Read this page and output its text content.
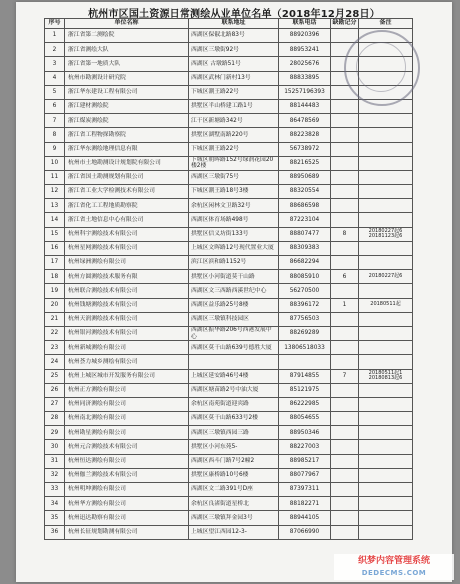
杭州市区国土资源日常测绘从业单位名单（2018年12月28日）
序号	单位名称	联系地址	联系电话	缺勘记分	备注
1	浙江省第二测绘院	西湖区保俶北路83号	88920396		
2	浙江省测绘大队	西湖区三墩街92号	88953241		
3	浙江省第一地质大队	西湖区 古墩路51号	28025676		
4	杭州市勘测设计研究院	西湖区武林门新村13号	88833895		
5	浙江华东建设工程有限公司	下城区潮王路22号	15257196393		
6	浙江建材测绘院	拱墅区半山桥建工路1号	88144483		
7	浙江煤炭测绘院	江干区新塘路342号	86478569		
8	浙江省工程物探勘察院	拱墅区湖墅南路220号	88223828		
9	浙江华东测绘地理信息有限	下城区潮王路22号	56738972		
10	杭州市土地勘测设计规划院有限公司	下城区朝晖路152号绿润花园20楼2楼	88216525		
11	浙江省国土勘测规划有限公司	西湖区三墩街75号	88950689		
12	浙江省工业大学检测技术有限公司	下城区潮王路18号3楼	88320554		
13	浙江省化工工程地质勘察院	余杭区闲林文卫路32号	88686598		
14	浙江省土地信息中心有限公司	西湖区体育场路498号	87223104		
15	杭州科宇测绘技术有限公司	拱墅区信义坊街133号	88807477	8	20180227起6 20181123起6
16	杭州星网测绘技术有限公司	上城区文晖路12号现代置业大厦	88309383		
17	杭州绿洲测绘有限公司	滨江区滨和路1152号	86682294		
18	杭州方圆测绘技术服务有限	拱墅区小河街道莫干山路	88085910	6	20180227起6
19	杭州联合测绘技术有限公司	西湖区文三西路西溪世纪中心	56270500		
20	杭州钱塘测绘技术有限公司	西湖区益乐路25号8楼	88396172	1	20180511起
21	杭州天润测绘技术有限公司	西湖区三墩镇科技园区	87756503		
22	杭州银河测绘技术有限公司	西湖区振华路206号西港发展中心	88269289		
23	杭州新城测绘有限公司	西湖区莫干山路639号德胜大厦	13806518033		
24	杭州荟力城乡测绘有限公司				
25	杭州上城区城市开发服务有限公司	上城区延安路46号4楼	87914855	7	20180511起1 20180813起6
26	杭州正方测绘有限公司	西湖区塘苗路2号中油大厦	85121975		
27	杭州同济测绘有限公司	余杭区南苑街道迎宾路	86222985		
28	杭州南北测绘有限公司	西湖区莫干山路633号2楼	88054655		
29	杭州勘星测绘有限公司	西湖区三墩镇西园三路	88950346		
30	杭州元合测绘技术有限公司	拱墅区小河东苑5-	88227003		
31	杭州恒达测绘有限公司	西湖区西斗门路7号2幢2	88985217		
32	杭州伽兰测绘技术有限公司	拱墅区康桥路10号6楼	88077967		
33	杭州明坤测绘有限公司	西湖区文二路391号D座	87397311		
34	杭州华方测绘有限公司	余杭区良渚街道星桥北	88182271		
35	杭州迅达勘察有限公司	西湖区三墩镇拜金园3号	88944105		
36	杭州长征规划勘测有限公司	上城区望江西园12-3-	87066990		
织梦内容管理系统
DEDECMS.COM
